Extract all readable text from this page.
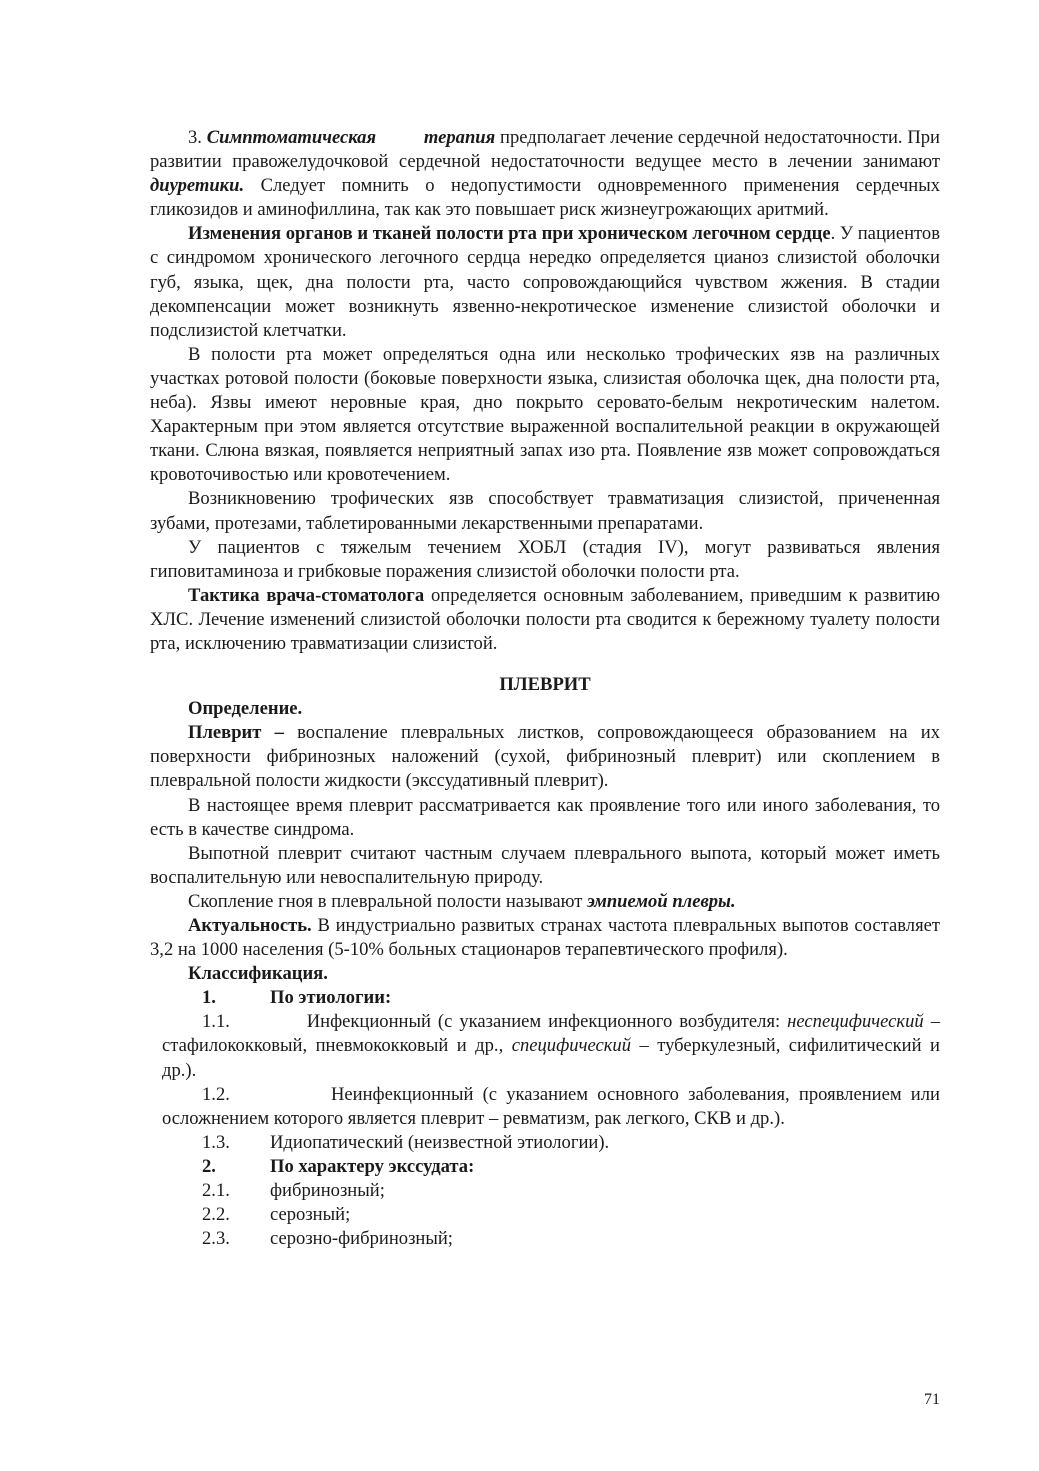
3. Симптоматическая	терапия предполагает лечение сердечной недостаточности. При развитии правожелудочковой сердечной недостаточности ведущее место в лечении занимают диуретики. Следует помнить о недопустимости одновременного применения сердечных гликозидов и аминофиллина, так как это повышает риск жизнеугрожающих аритмий.

Изменения органов и тканей полости рта при хроническом легочном сердце. У пациентов с синдромом хронического легочного сердца нередко определяется цианоз слизистой оболочки губ, языка, щек, дна полости рта, часто сопровождающийся чувством жжения. В стадии декомпенсации может возникнуть язвенно-некротическое изменение слизистой оболочки и подслизистой клетчатки.

В полости рта может определяться одна или несколько трофических язв на различных участках ротовой полости (боковые поверхности языка, слизистая оболочка щек, дна полости рта, неба). Язвы имеют неровные края, дно покрыто серовато-белым некротическим налетом. Характерным при этом является отсутствие выраженной воспалительной реакции в окружающей ткани. Слюна вязкая, появляется неприятный запах изо рта. Появление язв может сопровождаться кровоточивостью или кровотечением.

Возникновению трофических язв способствует травматизация слизистой, причененная зубами, протезами, таблетированными лекарственными препаратами.

У пациентов с тяжелым течением ХОБЛ (стадия IV), могут развиваться явления гиповитаминоза и грибковые поражения слизистой оболочки полости рта.

Тактика врача-стоматолога определяется основным заболеванием, приведшим к развитию ХЛС. Лечение изменений слизистой оболочки полости рта сводится к бережному туалету полости рта, исключению травматизации слизистой.

ПЛЕВРИТ

Определение.

Плеврит – воспаление плевральных листков, сопровождающееся образованием на их поверхности фибринозных наложений (сухой, фибринозный плеврит) или скоплением в плевральной полости жидкости (экссудативный плеврит).

В настоящее время плеврит рассматривается как проявление того или иного заболевания, то есть в качестве синдрома.

Выпотной плеврит считают частным случаем плеврального выпота, который может иметь воспалительную или невоспалительную природу.

Скопление гноя в плевральной полости называют эмпиемой плевры.

Актуальность. В индустриально развитых странах частота плевральных выпотов составляет 3,2 на 1000 населения (5-10% больных стационаров терапевтического профиля).

Классификация.

1.	По этиологии:

1.1.	Инфекционный (с указанием инфекционного возбудителя: неспецифический – стафилококковый, пневмококковый и др., специфический – туберкулезный, сифилитический и др.).

1.2.	Неинфекционный (с указанием основного заболевания, проявлением или осложнением которого является плеврит – ревматизм, рак легкого, СКВ и др.).

1.3.	Идиопатический (неизвестной этиологии).
2.	По характеру экссудата:
2.1.	фибринозный;
2.2.	серозный;
2.3.	серозно-фибринозный;
71
